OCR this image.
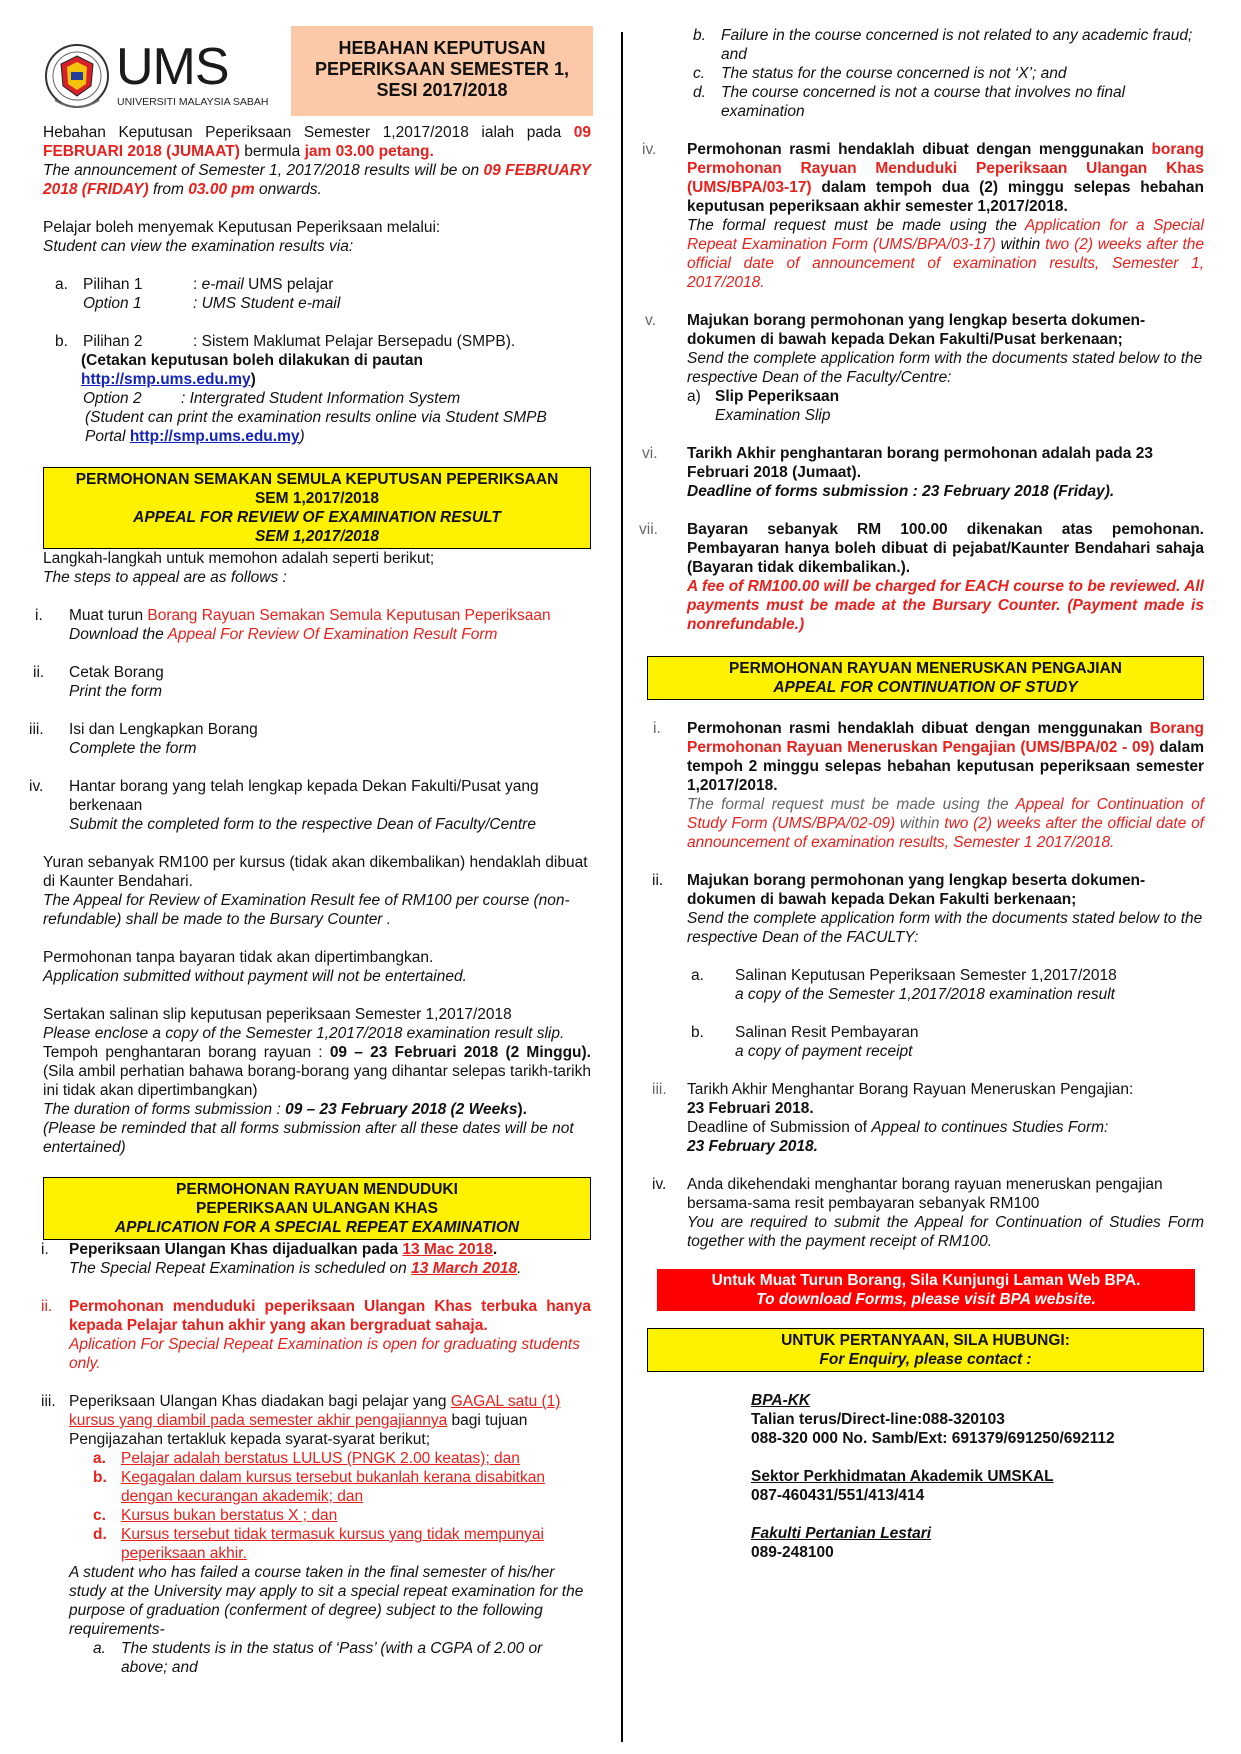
UMS
UNIVERSITI MALAYSIA SABAH
HEBAHAN KEPUTUSAN
PEPERIKSAAN SEMESTER 1,
SESI 2017/2018
Hebahan Keputusan Peperiksaan Semester 1,2017/2018 ialah pada 09 FEBRUARI 2018 (JUMAAT) bermula jam 03.00 petang.
The announcement of Semester 1, 2017/2018 results will be on 09 FEBRUARY 2018 (FRIDAY) from 03.00 pm onwards.
Pelajar boleh menyemak Keputusan Peperiksaan melalui:
Student can view the examination results via:
a. Pilihan 1	: e-mail UMS pelajar
Option 1	: UMS Student e-mail
b. Pilihan 2	: Sistem Maklumat Pelajar Bersepadu (SMPB).
(Cetakan keputusan boleh dilakukan di pautan
http://smp.ums.edu.my)
Option 2	: Intergrated Student Information System
(Student can print the examination results online via Student SMPB Portal http://smp.ums.edu.my)
PERMOHONAN SEMAKAN SEMULA KEPUTUSAN PEPERIKSAAN
SEM 1,2017/2018
APPEAL FOR REVIEW OF EXAMINATION RESULT
SEM 1,2017/2018
Langkah-langkah untuk memohon adalah seperti berikut;
The steps to appeal are as follows :
i. Muat turun Borang Rayuan Semakan Semula Keputusan Peperiksaan
Download the Appeal For Review Of Examination Result Form
ii. Cetak Borang
Print the form
iii. Isi dan Lengkapkan Borang
Complete the form
iv. Hantar borang yang telah lengkap kepada Dekan Fakulti/Pusat yang berkenaan
Submit the completed form to the respective Dean of Faculty/Centre
Yuran sebanyak RM100 per kursus (tidak akan dikembalikan) hendaklah dibuat di Kaunter Bendahari.
The Appeal for Review of Examination Result fee of RM100 per course (non-refundable) shall be made to the Bursary Counter .
Permohonan tanpa bayaran tidak akan dipertimbangkan.
Application submitted without payment will not be entertained.
Sertakan salinan slip keputusan peperiksaan Semester 1,2017/2018
Please enclose a copy of the Semester 1,2017/2018 examination result slip.
Tempoh penghantaran borang rayuan : 09 – 23 Februari 2018 (2 Minggu). (Sila ambil perhatian bahawa borang-borang yang dihantar selepas tarikh-tarikh ini tidak akan dipertimbangkan)
The duration of forms submission : 09 – 23 February 2018 (2 Weeks).
(Please be reminded that all forms submission after all these dates will be not entertained)
PERMOHONAN RAYUAN MENDUDUKI
PEPERIKSAAN ULANGAN KHAS
APPLICATION FOR A SPECIAL REPEAT EXAMINATION
i. Peperiksaan Ulangan Khas dijadualkan pada 13 Mac 2018.
The Special Repeat Examination is scheduled on 13 March 2018.
ii. Permohonan menduduki peperiksaan Ulangan Khas terbuka hanya kepada Pelajar tahun akhir yang akan bergraduat sahaja.
Aplication For Special Repeat Examination is open for graduating students only.
iii. Peperiksaan Ulangan Khas diadakan bagi pelajar yang GAGAL satu (1) kursus yang diambil pada semester akhir pengajiannya bagi tujuan Pengijazahan tertakluk kepada syarat-syarat berikut;
a. Pelajar adalah berstatus LULUS (PNGK 2.00 keatas); dan
b. Kegagalan dalam kursus tersebut bukanlah kerana disabitkan dengan kecurangan akademik; dan
c. Kursus bukan berstatus X ; dan
d. Kursus tersebut tidak termasuk kursus yang tidak mempunyai peperiksaan akhir.
A student who has failed a course taken in the final semester of his/her study at the University may apply to sit a special repeat examination for the purpose of graduation (conferment of degree) subject to the following requirements-
a. The students is in the status of ‘Pass’ (with a CGPA of 2.00 or above; and
b. Failure in the course concerned is not related to any academic fraud; and
c. The status for the course concerned is not ‘X’; and
d. The course concerned is not a course that involves no final examination
iv. Permohonan rasmi hendaklah dibuat dengan menggunakan borang Permohonan Rayuan Menduduki Peperiksaan Ulangan Khas (UMS/BPA/03-17) dalam tempoh dua (2) minggu selepas hebahan keputusan peperiksaan akhir semester 1,2017/2018.
The formal request must be made using the Application for a Special Repeat Examination Form (UMS/BPA/03-17) within two (2) weeks after the official date of announcement of examination results, Semester 1, 2017/2018.
v. Majukan borang permohonan yang lengkap beserta dokumen-dokumen di bawah kepada Dekan Fakulti/Pusat berkenaan;
Send the complete application form with the documents stated below to the respective Dean of the Faculty/Centre:
a) Slip Peperiksaan
Examination Slip
vi. Tarikh Akhir penghantaran borang permohonan adalah pada 23 Februari 2018 (Jumaat).
Deadline of forms submission : 23 February 2018 (Friday).
vii. Bayaran sebanyak RM 100.00 dikenakan atas pemohonan. Pembayaran hanya boleh dibuat di pejabat/Kaunter Bendahari sahaja (Bayaran tidak dikembalikan.).
A fee of RM100.00 will be charged for EACH course to be reviewed. All payments must be made at the Bursary Counter. (Payment made is nonrefundable.)
PERMOHONAN RAYUAN MENERUSKAN PENGAJIAN
APPEAL FOR CONTINUATION OF STUDY
i. Permohonan rasmi hendaklah dibuat dengan menggunakan Borang Permohonan Rayuan Meneruskan Pengajian (UMS/BPA/02 - 09) dalam tempoh 2 minggu selepas hebahan keputusan peperiksaan semester 1,2017/2018.
The formal request must be made using the Appeal for Continuation of Study Form (UMS/BPA/02-09) within two (2) weeks after the official date of announcement of examination results, Semester 1 2017/2018.
ii. Majukan borang permohonan yang lengkap beserta dokumen-dokumen di bawah kepada Dekan Fakulti berkenaan;
Send the complete application form with the documents stated below to the respective Dean of the FACULTY:
a. Salinan Keputusan Peperiksaan Semester 1,2017/2018
a copy of the Semester 1,2017/2018 examination result
b. Salinan Resit Pembayaran
a copy of payment receipt
iii. Tarikh Akhir Menghantar Borang Rayuan Meneruskan Pengajian:
23 Februari 2018.
Deadline of Submission of Appeal to continues Studies Form:
23 February 2018.
iv. Anda dikehendaki menghantar borang rayuan meneruskan pengajian bersama-sama resit pembayaran sebanyak RM100
You are required to submit the Appeal for Continuation of Studies Form together with the payment receipt of RM100.
Untuk Muat Turun Borang, Sila Kunjungi Laman Web BPA.
To download Forms, please visit BPA website.
UNTUK PERTANYAAN, SILA HUBUNGI:
For Enquiry, please contact :
BPA-KK
Talian terus/Direct-line:088-320103
088-320 000 No. Samb/Ext: 691379/691250/692112
Sektor Perkhidmatan Akademik UMSKAL
087-460431/551/413/414
Fakulti Pertanian Lestari
089-248100
